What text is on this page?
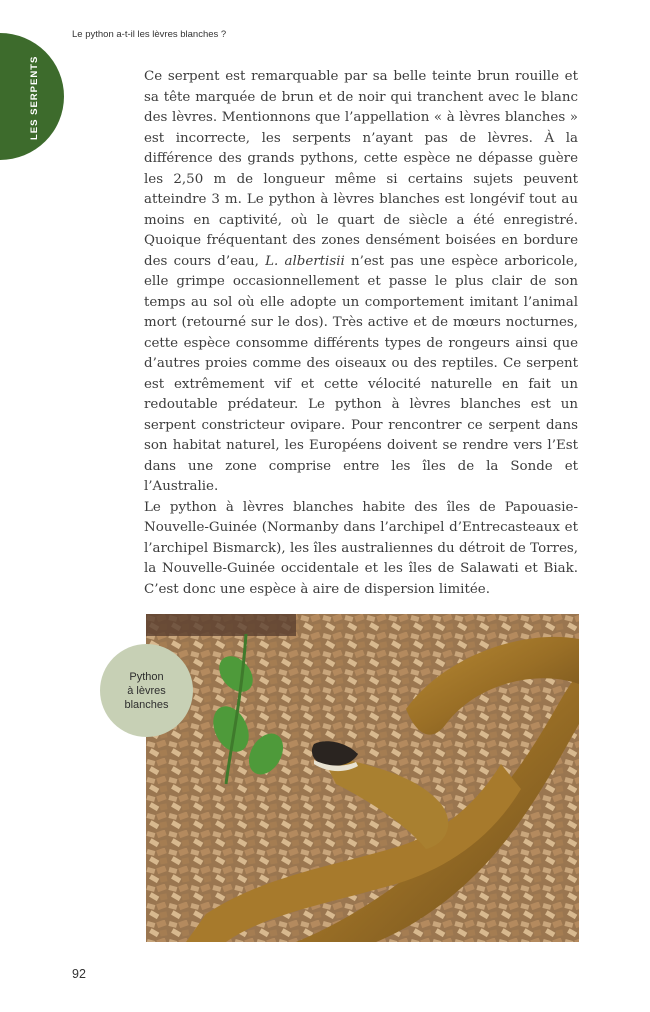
Le python a-t-il les lèvres blanches ?
LES SERPENTS	Ce serpent est remarquable par sa belle teinte brun rouille et sa tête marquée de brun et de noir qui tranchent avec le blanc des lèvres. Mentionnons que l’appellation « à lèvres blanches » est incorrecte, les serpents n’ayant pas de lèvres. À la différence des grands pythons, cette espèce ne dépasse guère les 2,50 m de longueur même si certains sujets peuvent atteindre 3 m. Le python à lèvres blanches est longévif tout au moins en captivité, où le quart de siècle a été enregistré. Quoique fréquentant des zones densément boisées en bordure des cours d’eau, L. albertisii n’est pas une espèce arboricole, elle grimpe occasionnellement et passe le plus clair de son temps au sol où elle adopte un comportement imitant l’animal mort (retourné sur le dos). Très active et de mœurs nocturnes, cette espèce consomme différents types de rongeurs ainsi que d’autres proies comme des oiseaux ou des reptiles. Ce serpent est extrêmement vif et cette vélocité naturelle en fait un redoutable prédateur. Le python à lèvres blanches est un serpent constricteur ovipare. Pour rencontrer ce serpent dans son habitat naturel, les Européens doivent se rendre vers l’Est dans une zone comprise entre les îles de la Sonde et l’Australie.

Le python à lèvres blanches habite des îles de Papouasie-Nouvelle-Guinée (Normanby dans l’archipel d’Entrecasteaux et l’archipel Bismarck), les îles australiennes du détroit de Torres, la Nouvelle-Guinée occidentale et les îles de Salawati et Biak. C’est donc une espèce à aire de dispersion limitée.

Python
à lèvres
blanches
92
